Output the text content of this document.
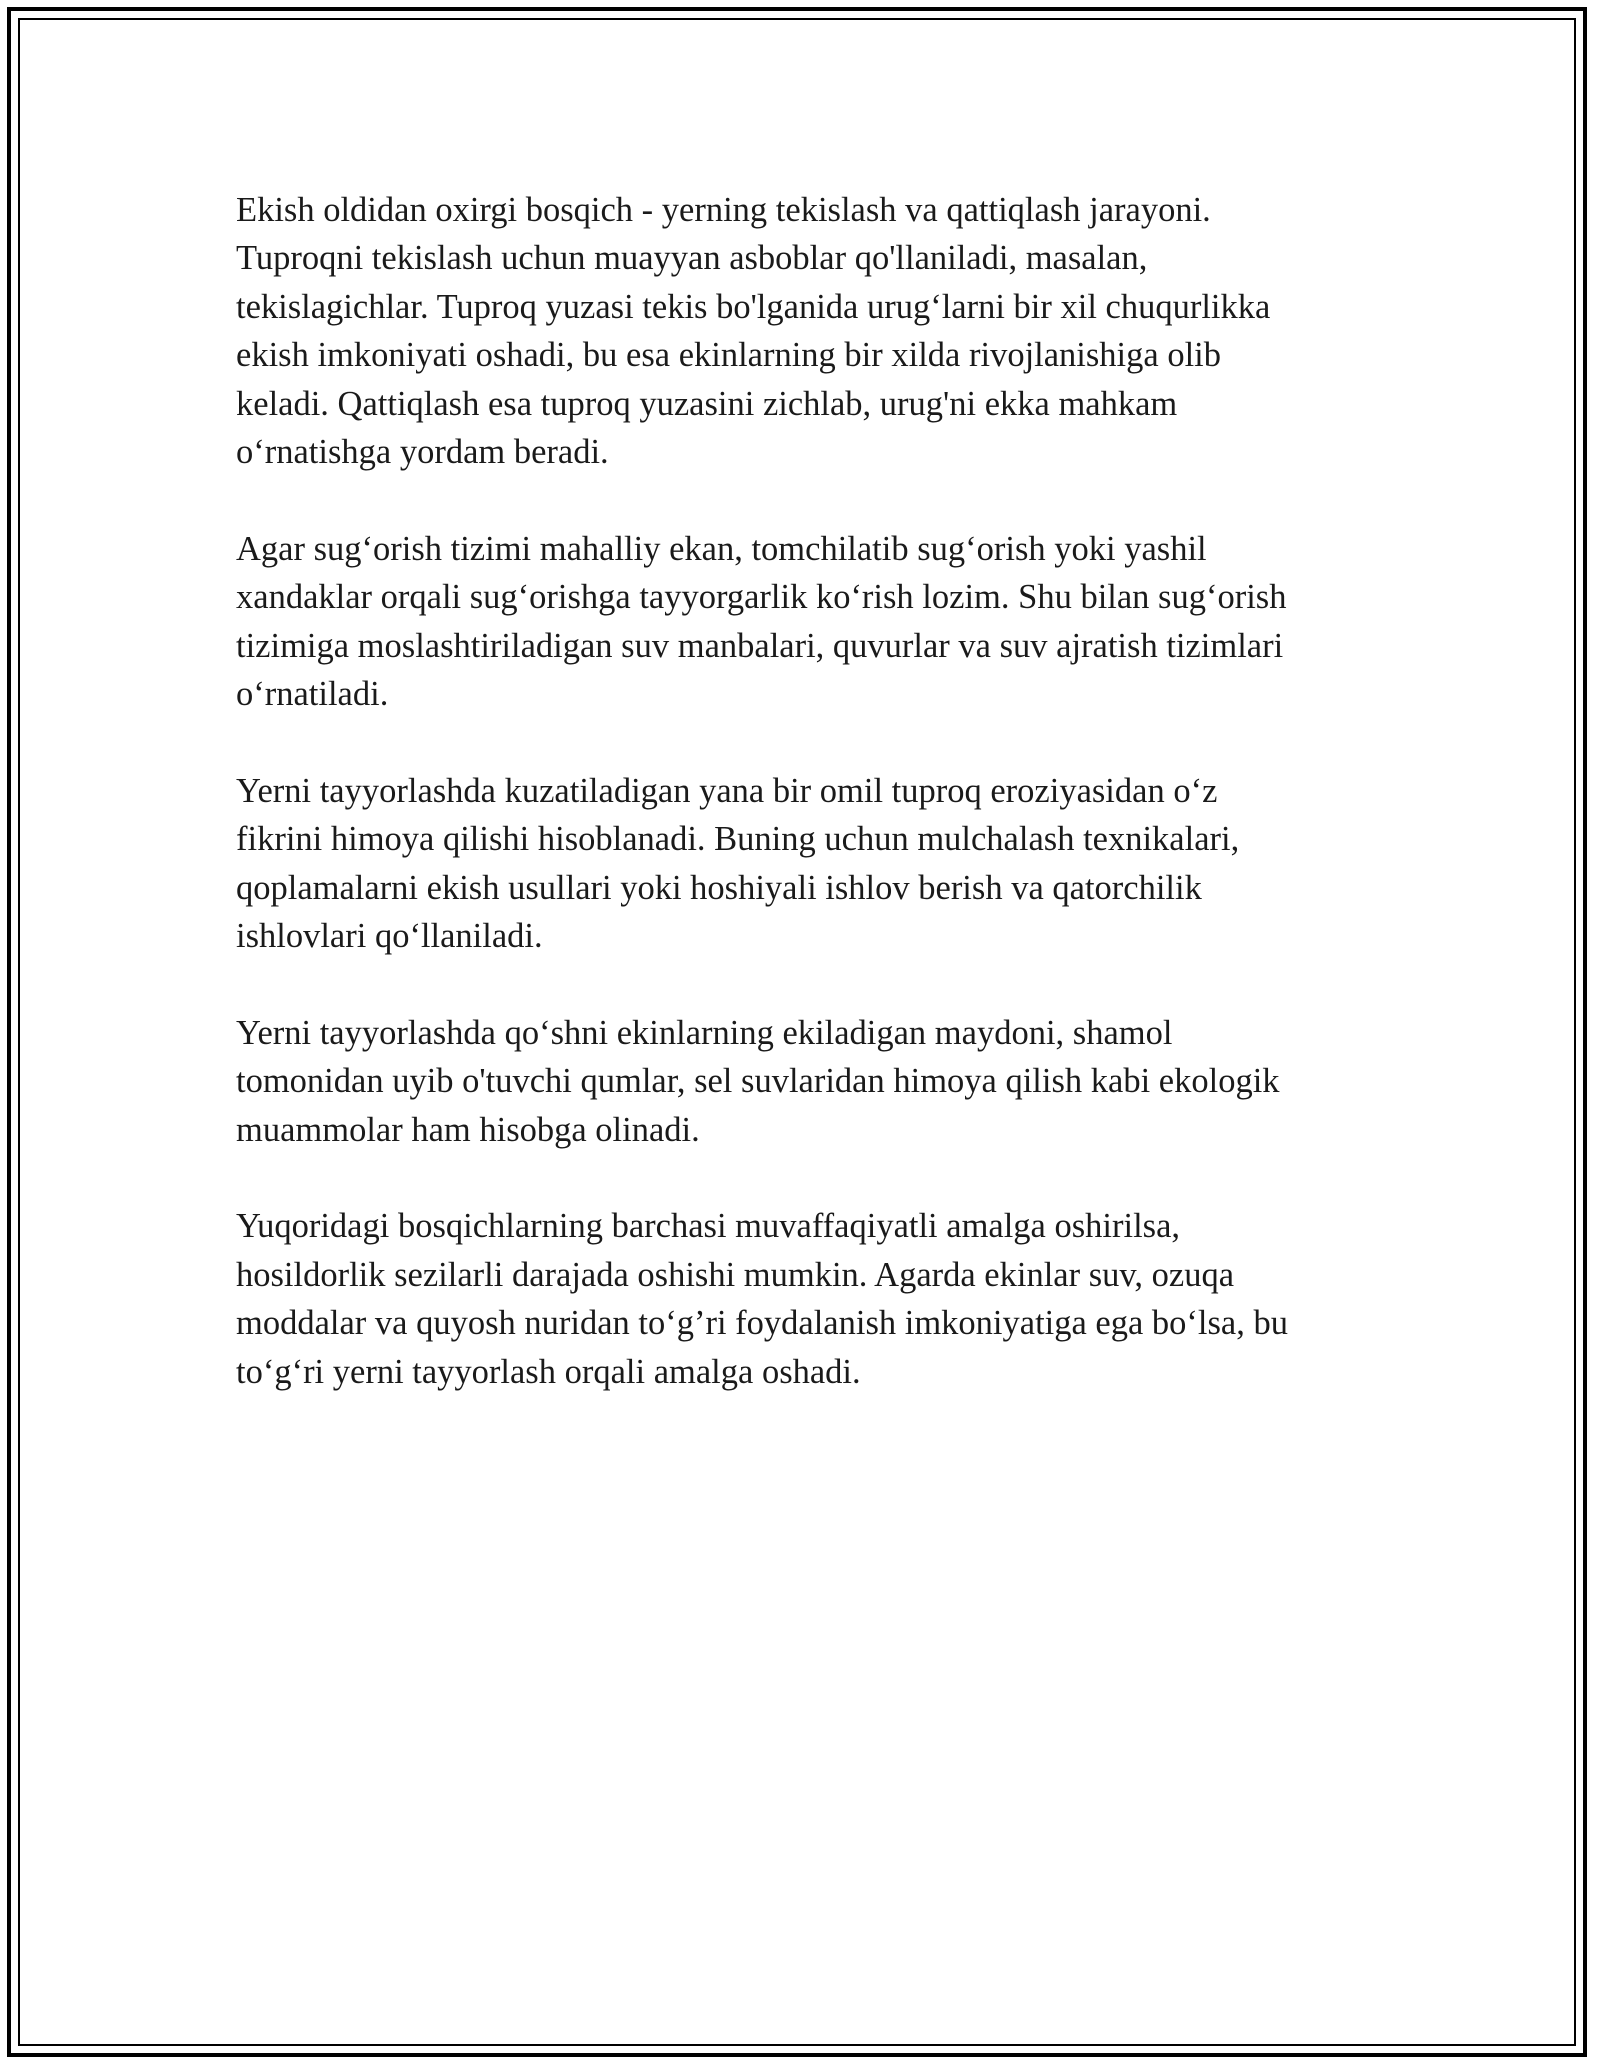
Ekish oldidan oxirgi bosqich - yerning tekislash va qattiqlash jarayoni.
Tuproqni tekislash uchun muayyan asboblar qo'llaniladi, masalan,
tekislagichlar. Tuproq yuzasi tekis bo'lganida urug‘larni bir xil chuqurlikka
ekish imkoniyati oshadi, bu esa ekinlarning bir xilda rivojlanishiga olib
keladi. Qattiqlash esa tuproq yuzasini zichlab, urug'ni ekka mahkam
o‘rnatishga yordam beradi.

Agar sug‘orish tizimi mahalliy ekan, tomchilatib sug‘orish yoki yashil
xandaklar orqali sug‘orishga tayyorgarlik ko‘rish lozim. Shu bilan sug‘orish
tizimiga moslashtiriladigan suv manbalari, quvurlar va suv ajratish tizimlari
o‘rnatiladi.

Yerni tayyorlashda kuzatiladigan yana bir omil tuproq eroziyasidan o‘z
fikrini himoya qilishi hisoblanadi. Buning uchun mulchalash texnikalari,
qoplamalarni ekish usullari yoki hoshiyali ishlov berish va qatorchilik
ishlovlari qo‘llaniladi.

Yerni tayyorlashda qo‘shni ekinlarning ekiladigan maydoni, shamol
tomonidan uyib o'tuvchi qumlar, sel suvlaridan himoya qilish kabi ekologik
muammolar ham hisobga olinadi.

Yuqoridagi bosqichlarning barchasi muvaffaqiyatli amalga oshirilsa,
hosildorlik sezilarli darajada oshishi mumkin. Agarda ekinlar suv, ozuqa
moddalar va quyosh nuridan to‘g’ri foydalanish imkoniyatiga ega bo‘lsa, bu
to‘g‘ri yerni tayyorlash orqali amalga oshadi.
